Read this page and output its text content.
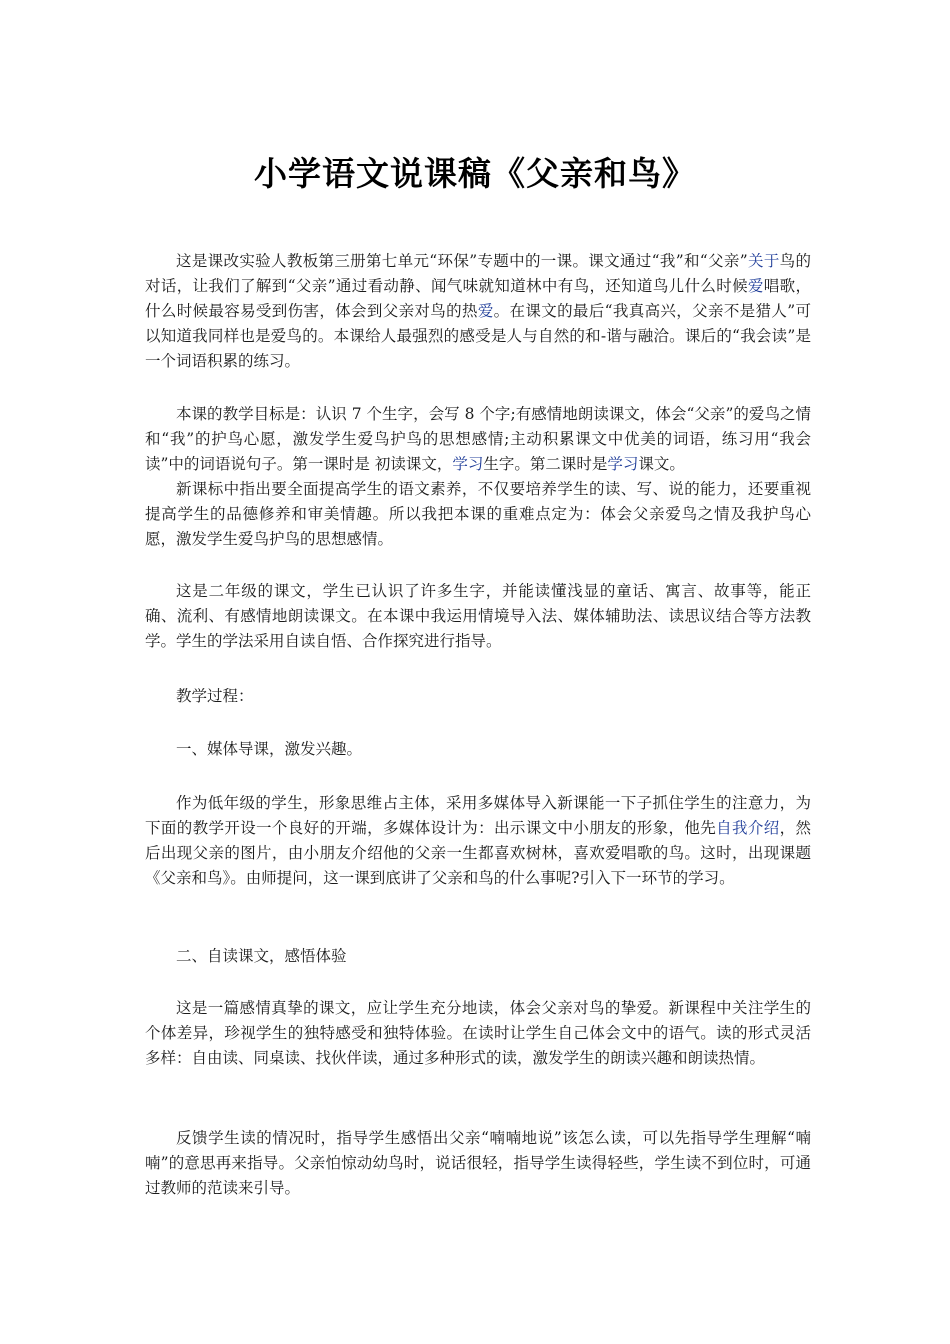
小学语文说课稿《父亲和鸟》

这是课改实验人教板第三册第七单元“环保”专题中的一课。课文通过“我”和“父亲”关于鸟的对话，让我们了解到“父亲”通过看动静、闻气味就知道林中有鸟，还知道鸟儿什么时候爱唱歌，什么时候最容易受到伤害，体会到父亲对鸟的热爱。在课文的最后“我真高兴，父亲不是猎人”可以知道我同样也是爱鸟的。本课给人最强烈的感受是人与自然的和-谐与融洽。课后的“我会读”是一个词语积累的练习。

本课的教学目标是：认识 7 个生字，会写 8 个字;有感情地朗读课文，体会“父亲”的爱鸟之情和“我”的护鸟心愿，激发学生爱鸟护鸟的思想感情;主动积累课文中优美的词语，练习用“我会读”中的词语说句子。第一课时是 初读课文，学习生字。第二课时是学习课文。

新课标中指出要全面提高学生的语文素养，不仅要培养学生的读、写、说的能力，还要重视提高学生的品德修养和审美情趣。所以我把本课的重难点定为：体会父亲爱鸟之情及我护鸟心愿，激发学生爱鸟护鸟的思想感情。

这是二年级的课文，学生已认识了许多生字，并能读懂浅显的童话、寓言、故事等，能正确、流利、有感情地朗读课文。在本课中我运用情境导入法、媒体辅助法、读思议结合等方法教学。学生的学法采用自读自悟、合作探究进行指导。

教学过程：

一、媒体导课，激发兴趣。

作为低年级的学生，形象思维占主体，采用多媒体导入新课能一下子抓住学生的注意力，为下面的教学开设一个良好的开端，多媒体设计为：出示课文中小朋友的形象，他先自我介绍，然后出现父亲的图片，由小朋友介绍他的父亲一生都喜欢树林，喜欢爱唱歌的鸟。这时，出现课题《父亲和鸟》。由师提问，这一课到底讲了父亲和鸟的什么事呢?引入下一环节的学习。

二、自读课文，感悟体验

这是一篇感情真挚的课文，应让学生充分地读，体会父亲对鸟的挚爱。新课程中关注学生的个体差异，珍视学生的独特感受和独特体验。在读时让学生自己体会文中的语气。读的形式灵活多样：自由读、同桌读、找伙伴读，通过多种形式的读，激发学生的朗读兴趣和朗读热情。

反馈学生读的情况时，指导学生感悟出父亲“喃喃地说”该怎么读，可以先指导学生理解“喃喃”的意思再来指导。父亲怕惊动幼鸟时，说话很轻，指导学生读得轻些，学生读不到位时，可通过教师的范读来引导。
